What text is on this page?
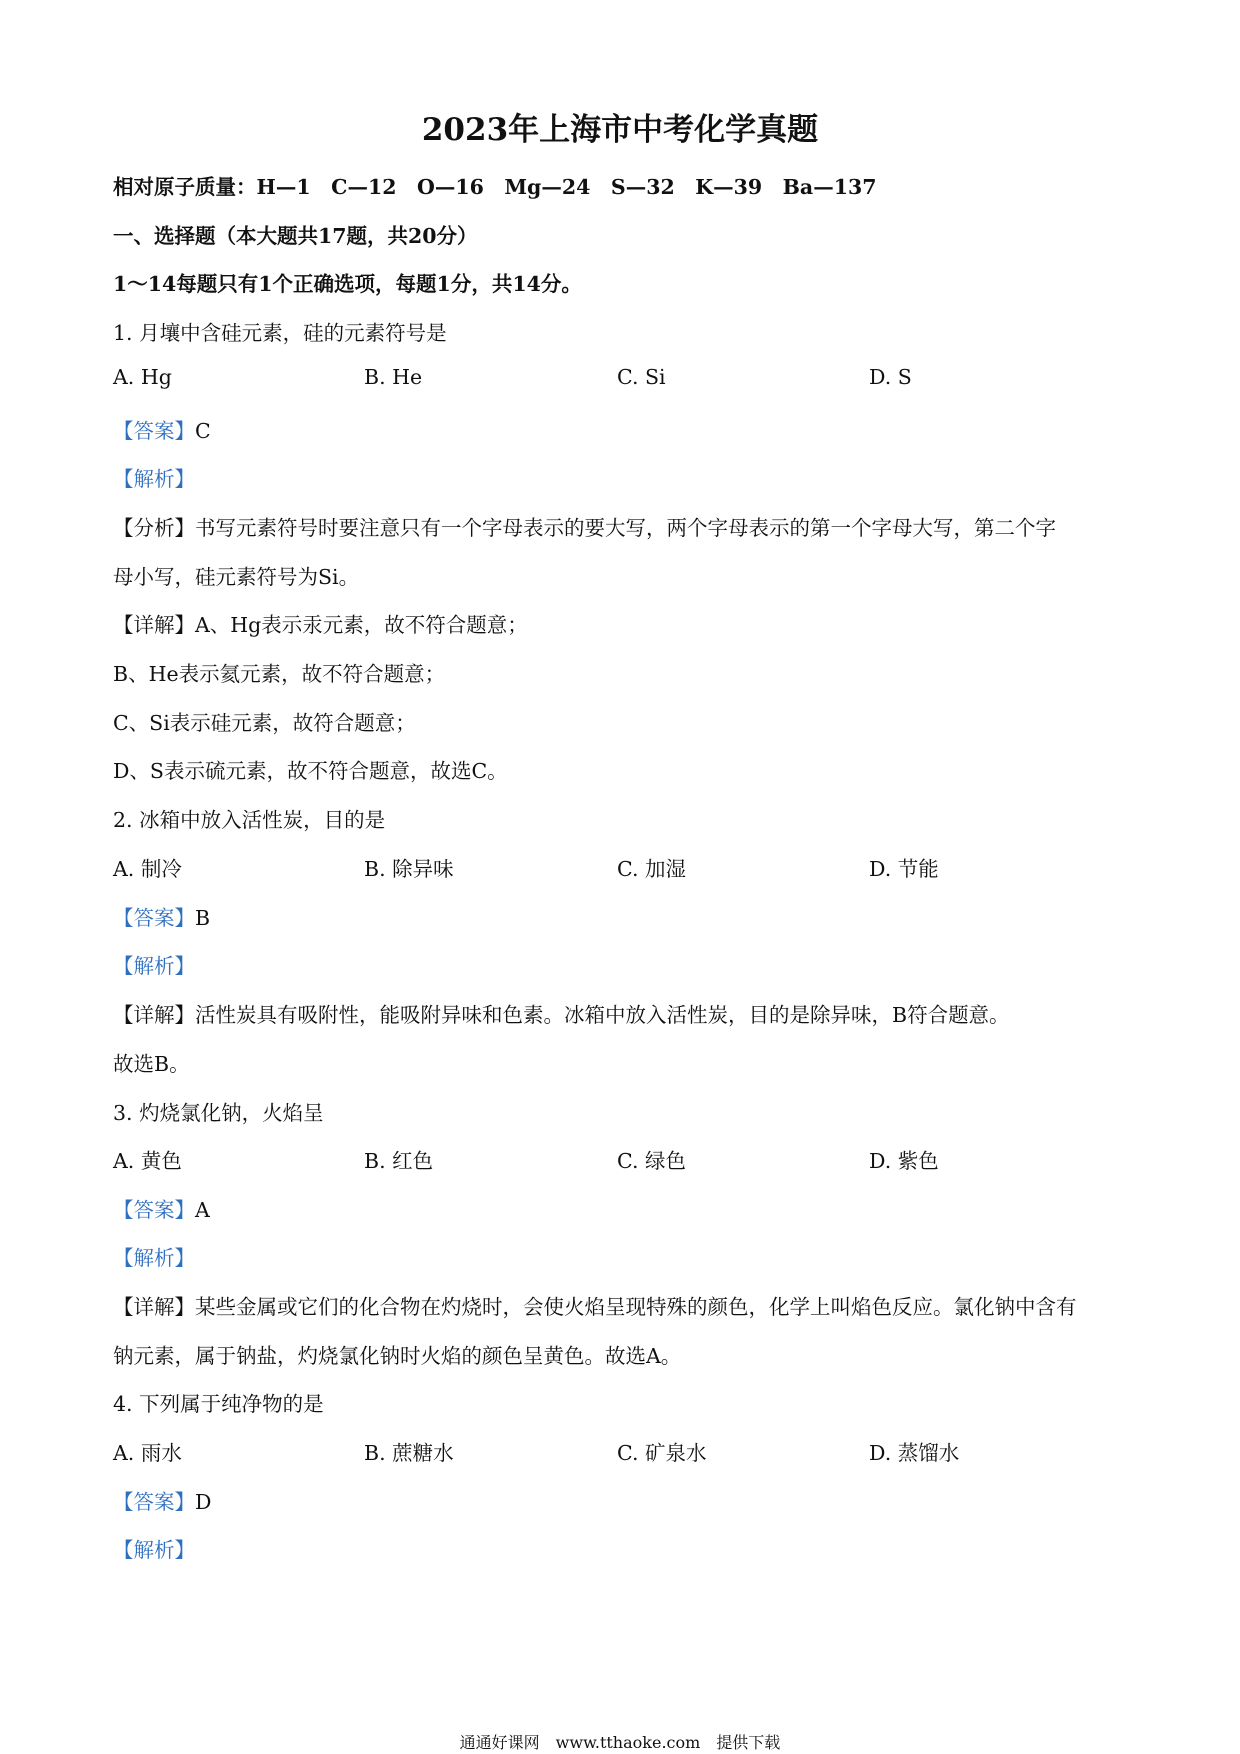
2023年上海市中考化学真题
相对原子质量：H—1　C—12　O—16　Mg—24　S—32　K—39　Ba—137
一、选择题（本大题共17题，共20分）
1～14每题只有1个正确选项，每题1分，共14分。
1. 月壤中含硅元素，硅的元素符号是
A. Hg	B. He	C. Si	D. S
【答案】C
【解析】
【分析】书写元素符号时要注意只有一个字母表示的要大写，两个字母表示的第一个字母大写，第二个字
母小写，硅元素符号为Si。
【详解】A、Hg表示汞元素，故不符合题意；
B、He表示氦元素，故不符合题意；
C、Si表示硅元素，故符合题意；
D、S表示硫元素，故不符合题意，故选C。
2. 冰箱中放入活性炭，目的是
A. 制冷	B. 除异味	C. 加湿	D. 节能
【答案】B
【解析】
【详解】活性炭具有吸附性，能吸附异味和色素。冰箱中放入活性炭，目的是除异味，B符合题意。
故选B。
3. 灼烧氯化钠，火焰呈
A. 黄色	B. 红色	C. 绿色	D. 紫色
【答案】A
【解析】
【详解】某些金属或它们的化合物在灼烧时，会使火焰呈现特殊的颜色，化学上叫焰色反应。氯化钠中含有
钠元素，属于钠盐，灼烧氯化钠时火焰的颜色呈黄色。故选A。
4. 下列属于纯净物的是
A. 雨水	B. 蔗糖水	C. 矿泉水	D. 蒸馏水
【答案】D
【解析】
通通好课网　www.tthaoke.com　提供下载
